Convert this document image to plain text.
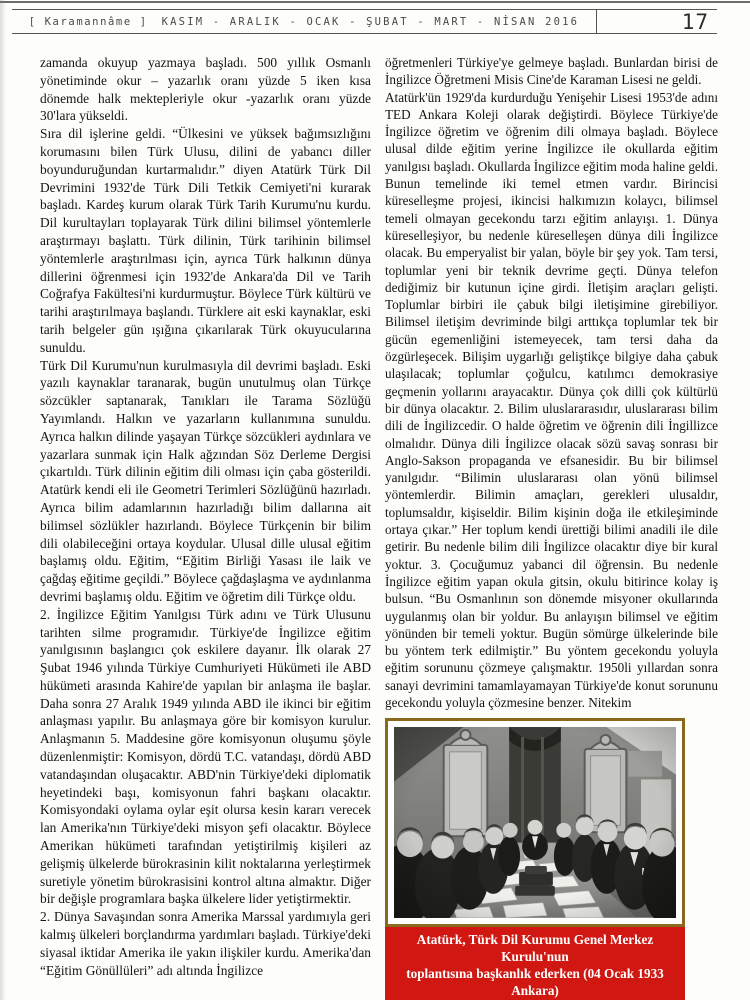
[ Karamannâme ] KASIM - ARALIK - OCAK - ŞUBAT - MART - NİSAN 2016	17

zamanda okuyup yazmaya başladı. 500 yıllık Osmanlı yönetiminde okur – yazarlık oranı yüzde 5 iken kısa dönemde halk mektepleriyle okur -yazarlık oranı yüzde 30'lara yükseldi.

Sıra dil işlerine geldi. “Ülkesini ve yüksek bağımsızlığını korumasını bilen Türk Ulusu, dilini de yabancı diller boyunduruğundan kurtarmalıdır.” diyen Atatürk Türk Dil Devrimini 1932'de Türk Dili Tetkik Cemiyeti'ni kurarak başladı. Kardeş kurum olarak Türk Tarih Kurumu'nu kurdu. Dil kurultayları toplayarak Türk dilini bilimsel yöntemlerle araştırmayı başlattı. Türk dilinin, Türk tarihinin bilimsel yöntemlerle araştırılması için, ayrıca Türk halkının dünya dillerini öğrenmesi için 1932'de Ankara'da Dil ve Tarih Coğrafya Fakültesi'ni kurdurmuştur. Böylece Türk kültürü ve tarihi araştırılmaya başlandı. Türklere ait eski kaynaklar, eski tarih belgeler gün ışığına çıkarılarak Türk okuyucularına sunuldu.

Türk Dil Kurumu'nun kurulmasıyla dil devrimi başladı. Eski yazılı kaynaklar taranarak, bugün unutulmuş olan Türkçe sözcükler saptanarak, Tanıkları ile Tarama Sözlüğü Yayımlandı. Halkın ve yazarların kullanımına sunuldu. Ayrıca halkın dilinde yaşayan Türkçe sözcükleri aydınlara ve yazarlara sunmak için Halk ağzından Söz Derleme Dergisi çıkartıldı. Türk dilinin eğitim dili olması için çaba gösterildi. Atatürk kendi eli ile Geometri Terimleri Sözlüğünü hazırladı. Ayrıca bilim adamlarının hazırladığı bilim dallarına ait bilimsel sözlükler hazırlandı. Böylece Türkçenin bir bilim dili olabileceğini ortaya koydular. Ulusal dille ulusal eğitim başlamış oldu. Eğitim, “Eğitim Birliği Yasası ile laik ve çağdaş eğitime geçildi.” Böylece çağdaşlaşma ve aydınlanma devrimi başlamış oldu. Eğitim ve öğretim dili Türkçe oldu.

2. İngilizce Eğitim Yanılgısı Türk adını ve Türk Ulusunu tarihten silme programıdır. Türkiye'de İngilizce eğitim yanılgısının başlangıcı çok eskilere dayanır. İlk olarak 27 Şubat 1946 yılında Türkiye Cumhuriyeti Hükümeti ile ABD hükümeti arasında Kahire'de yapılan bir anlaşma ile başlar. Daha sonra 27 Aralık 1949 yılında ABD ile ikinci bir eğitim anlaşması yapılır. Bu anlaşmaya göre bir komisyon kurulur. Anlaşmanın 5. Maddesine göre komisyonun oluşumu şöyle düzenlenmiştir: Komisyon, dördü T.C. vatandaşı, dördü ABD vatandaşından oluşacaktır. ABD'nin Türkiye'deki diplomatik heyetindeki başı, komisyonun fahri başkanı olacaktır. Komisyondaki oylama oylar eşit olursa kesin kararı verecek lan Amerika'nın Türkiye'deki misyon şefi olacaktır. Böylece Amerikan hükümeti tarafından yetiştirilmiş kişileri az gelişmiş ülkelerde bürokrasinin kilit noktalarına yerleştirmek suretiyle yönetim bürokrasisini kontrol altına almaktır. Diğer bir değişle programlara başka ülkelere lider yetiştirmektir.

2. Dünya Savaşından sonra Amerika Marssal yardımıyla geri kalmış ülkeleri borçlandırma yardımları başladı. Türkiye'deki siyasal iktidar Amerika ile yakın ilişkiler kurdu. Amerika'dan “Eğitim Gönüllüleri” adı altında İngilizce

öğretmenleri Türkiye'ye gelmeye başladı. Bunlardan birisi de İngilizce Öğretmeni Misis Cine'de Karaman Lisesi ne geldi.

Atatürk'ün 1929'da kurdurduğu Yenişehir Lisesi 1953'de adını TED Ankara Koleji olarak değiştirdi. Böylece Türkiye'de İngilizce öğretim ve öğrenim dili olmaya başladı. Böylece ulusal dilde eğitim yerine İngilizce ile okullarda eğitim yanılgısı başladı. Okullarda İngilizce eğitim moda haline geldi. Bunun temelinde iki temel etmen vardır. Birincisi küreselleşme projesi, ikincisi halkımızın kolaycı, bilimsel temeli olmayan gecekondu tarzı eğitim anlayışı. 1. Dünya küreselleşiyor, bu nedenle küreselleşen dünya dili İngilizce olacak. Bu emperyalist bir yalan, böyle bir şey yok. Tam tersi, toplumlar yeni bir teknik devrime geçti. Dünya telefon dediğimiz bir kutunun içine girdi. İletişim araçları gelişti. Toplumlar birbiri ile çabuk bilgi iletişimine girebiliyor. Bilimsel iletişim devriminde bilgi arttıkça toplumlar tek bir gücün egemenliğini istemeyecek, tam tersi daha da özgürleşecek. Bilişim uygarlığı geliştikçe bilgiye daha çabuk ulaşılacak; toplumlar çoğulcu, katılımcı demokrasiye geçmenin yollarını arayacaktır. Dünya çok dilli çok kültürlü bir dünya olacaktır. 2. Bilim uluslararasıdır, uluslararası bilim dili de İngilizcedir. O halde öğretim ve öğrenin dili İngillizce olmalıdır. Dünya dili İngilizce olacak sözü savaş sonrası bir Anglo-Sakson propaganda ve efsanesidir. Bu bir bilimsel yanılgıdır. “Bilimin uluslararası olan yönü bilimsel yöntemlerdir. Bilimin amaçları, gerekleri ulusaldır, toplumsaldır, kişiseldir. Bilim kişinin doğa ile etkileşiminde ortaya çıkar.” Her toplum kendi ürettiği bilimi anadili ile dile getirir. Bu nedenle bilim dili İngilizce olacaktır diye bir kural yoktur. 3. Çocuğumuz yabanci dil öğrensin. Bu nedenle İngilizce eğitim yapan okula gitsin, okulu bitirince kolay iş bulsun. “Bu Osmanlının son dönemde misyoner okullarında uygulanmış olan bir yoldur. Bu anlayışın bilimsel ve eğitim yönünden bir temeli yoktur. Bugün sömürge ülkelerinde bile bu yöntem terk edilmiştir.” Bu yöntem gecekondu yoluyla eğitim sorununu çözmeye çalışmaktır. 1950li yıllardan sonra sanayi devrimini tamamlayamayan Türkiye'de konut sorununu gecekondu yoluyla çözmesine benzer. Nitekim

Atatürk, Türk Dil Kurumu Genel Merkez Kurulu'nun
toplantısına başkanlık ederken (04 Ocak 1933 Ankara)
